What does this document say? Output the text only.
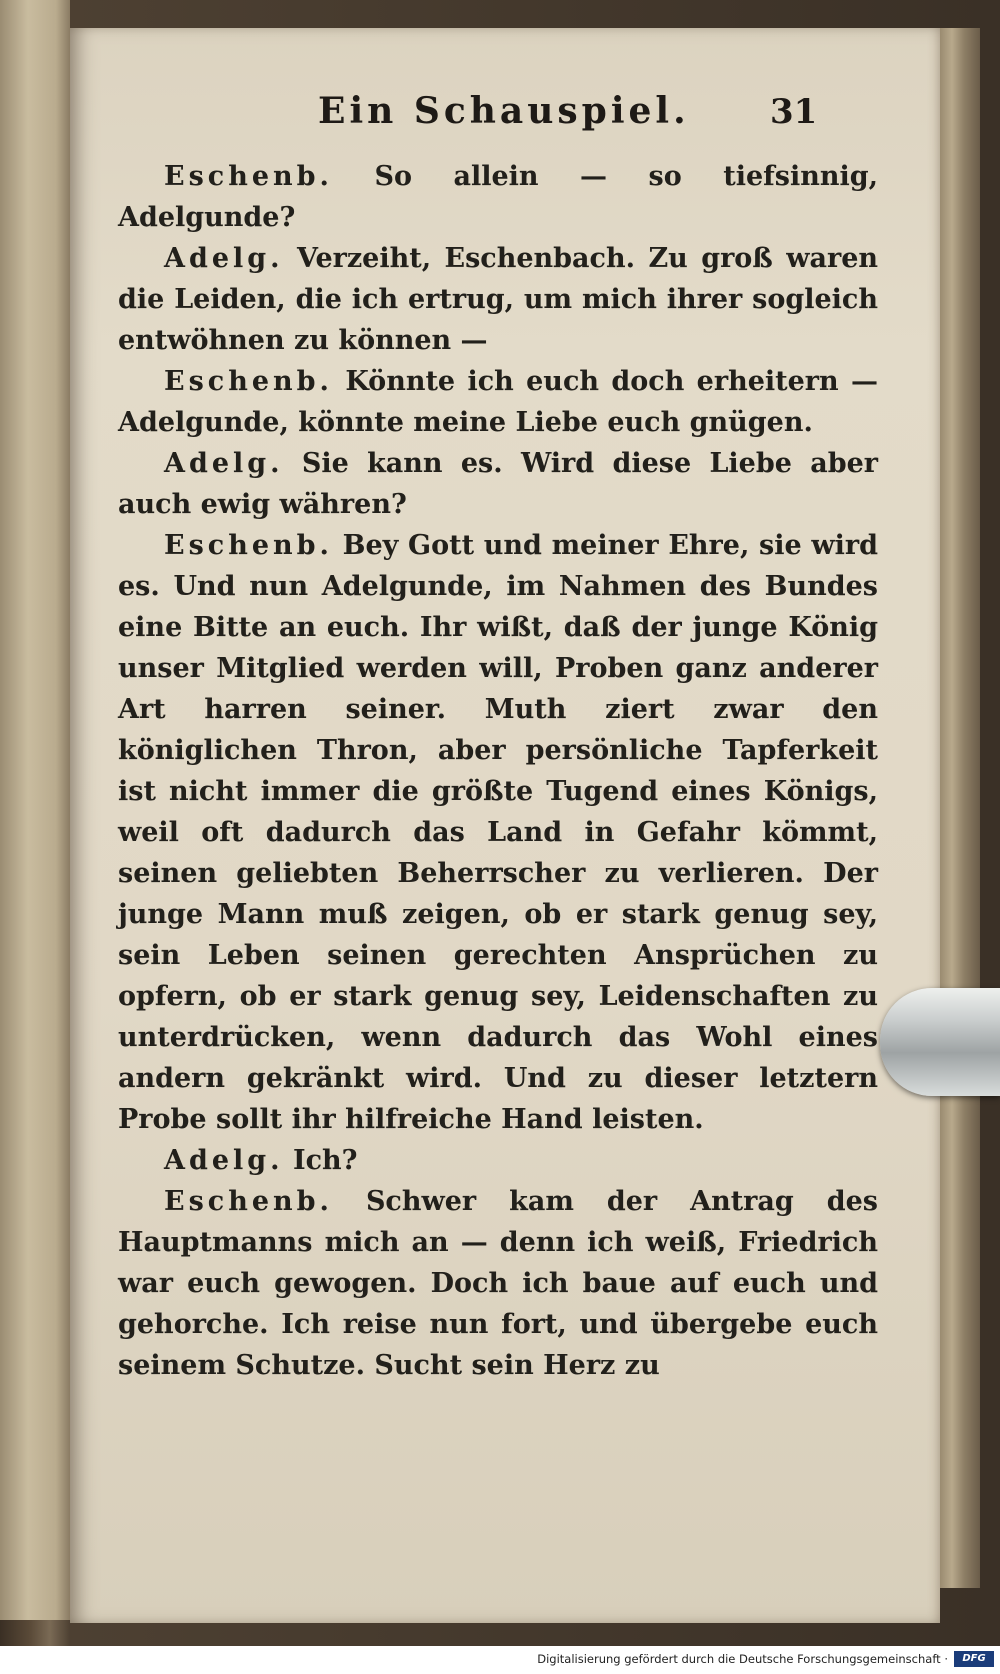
Ein Schauspiel. 31

Eschenb. So allein — so tiefsinnig, Adelgunde?

Adelg. Verzeiht, Eschenbach. Zu groß waren die Leiden, die ich ertrug, um mich ihrer sogleich entwöhnen zu können —

Eschenb. Könnte ich euch doch erheitern — Adelgunde, könnte meine Liebe euch gnügen.

Adelg. Sie kann es. Wird diese Liebe aber auch ewig währen?

Eschenb. Bey Gott und meiner Ehre, sie wird es. Und nun Adelgunde, im Nahmen des Bundes eine Bitte an euch. Ihr wißt, daß der junge König unser Mitglied werden will, Proben ganz anderer Art harren seiner. Muth ziert zwar den königlichen Thron, aber persönliche Tapferkeit ist nicht immer die größte Tugend eines Königs, weil oft dadurch das Land in Gefahr kömmt, seinen geliebten Beherrscher zu verlieren. Der junge Mann muß zeigen, ob er stark genug sey, sein Leben seinen gerechten Ansprüchen zu opfern, ob er stark genug sey, Leidenschaften zu unterdrücken, wenn dadurch das Wohl eines andern gekränkt wird. Und zu dieser letztern Probe sollt ihr hilfreiche Hand leisten.

Adelg. Ich?

Eschenb. Schwer kam der Antrag des Hauptmanns mich an — denn ich weiß, Friedrich war euch gewogen. Doch ich baue auf euch und gehorche. Ich reise nun fort, und übergebe euch seinem Schutze. Sucht sein Herz zu

Digitalisierung gefördert durch die Deutsche Forschungsgemeinschaft ·	DFG
